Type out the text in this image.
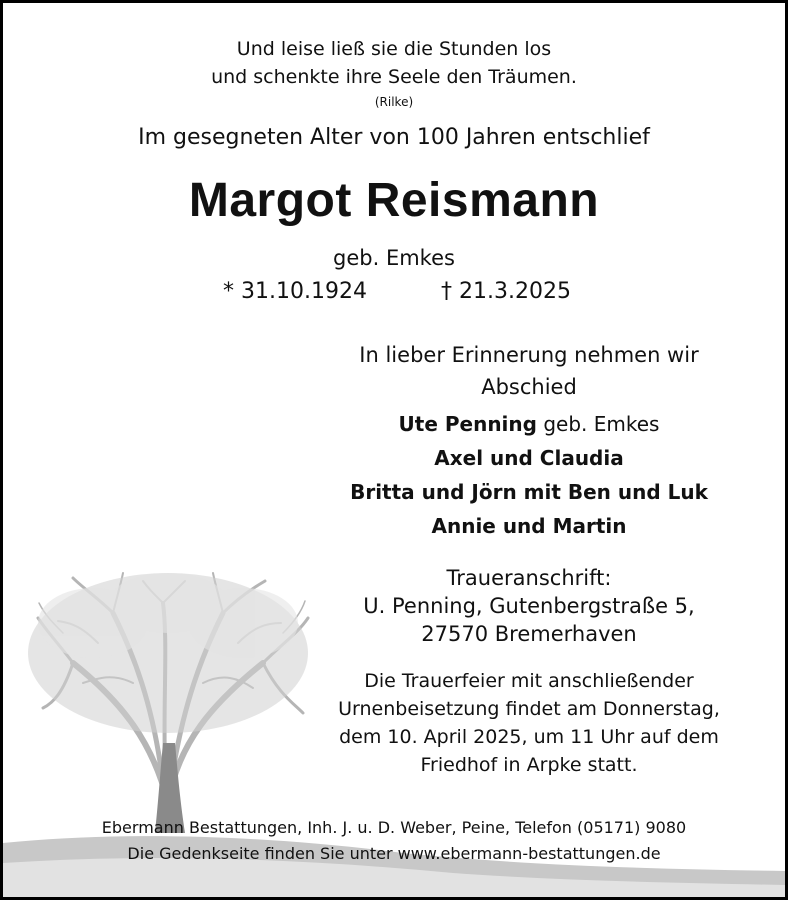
Und leise ließ sie die Stunden los
und schenkte ihre Seele den Träumen.
(Rilke)
Im gesegneten Alter von 100 Jahren entschlief
Margot Reismann
geb. Emkes
* 31.10.1924	† 21.3.2025
In lieber Erinnerung nehmen wir
Abschied
Ute Penning geb. Emkes
Axel und Claudia
Britta und Jörn mit Ben und Luk
Annie und Martin
Traueranschrift:
U. Penning, Gutenbergstraße 5,
27570 Bremerhaven
Die Trauerfeier mit anschließender
Urnenbeisetzung findet am Donnerstag,
dem 10. April 2025, um 11 Uhr auf dem
Friedhof in Arpke statt.
Ebermann Bestattungen, Inh. J. u. D. Weber, Peine, Telefon (05171) 9080
Die Gedenkseite finden Sie unter www.ebermann-bestattungen.de
